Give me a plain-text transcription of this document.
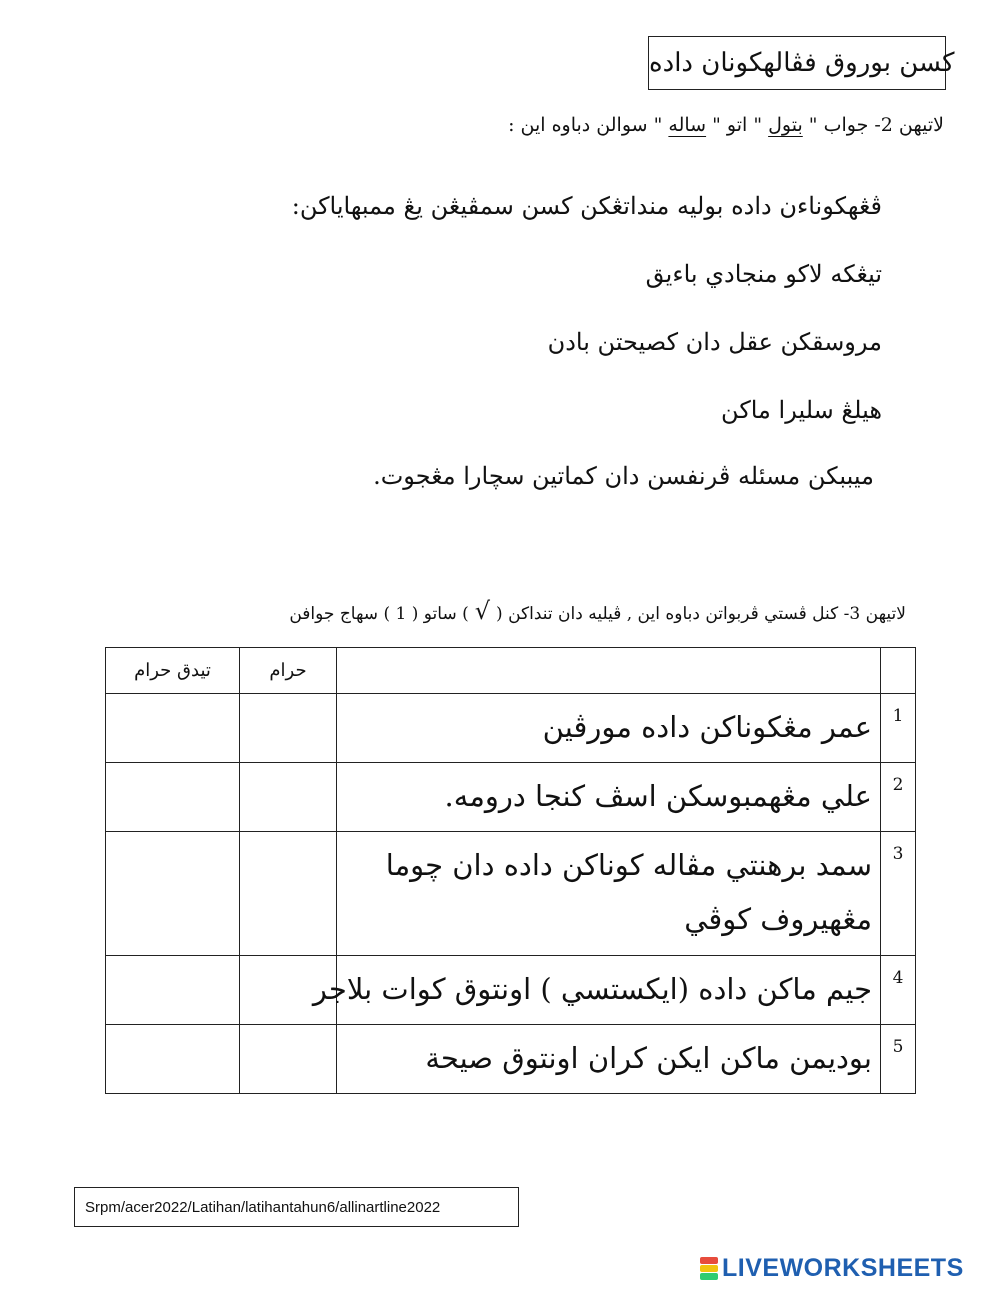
كسن بوروق فڤالهكونان داده
لاتيهن 2- جواب " بتول " اتو " ساله " سوالن دباوه اين :
ڤڠهكوناءن داده بوليه منداتڠكن كسن سمڤيڠن يڠ ممبهاياكن:
تيڠكه لاکو منجادي باءيق
مروسقكن عقل دان كصيحتن بادن
هيلڠ سليرا ماكن
ميببكن مسئله ڤرنفسن دان كماتين سچارا مڠجوت.
لاتيهن 3- كنل ڤستي ڤربواتن دباوه اين , ڤيليه دان تنداكن (√) ساتو ( 1 ) سهاج جوافن
تيدق حرام	حرام		
		عمر مڠكوناكن داده مورڤين	1
		علي مڠهمبوسكن اسڤ كنجا درومه.	2
		سمد برهنتي مڤاله كوناكن داده دان چوما مڠهيروف كوڤي	3
		جيم ماكن داده (ايكستسي ) اونتوق كوات بلاجر	4
		بوديمن ماكن ايكن كران اونتوق صيحة	5
Srpm/acer2022/Latihan/latihantahun6/allinartline2022
LIVEWORKSHEETS
